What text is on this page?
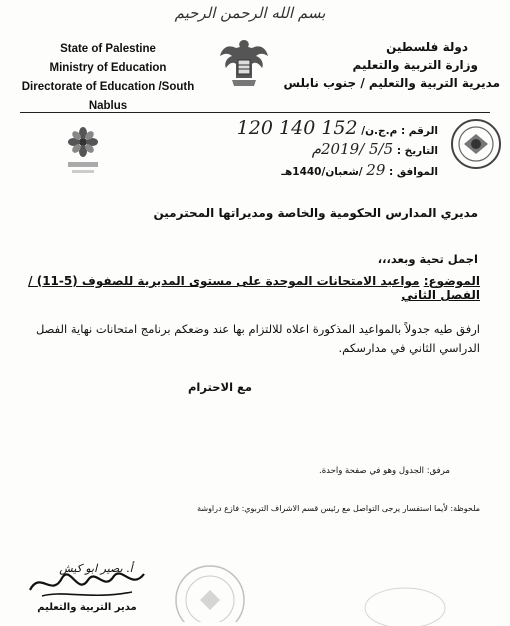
بسم الله الرحمن الرحيم
State of Palestine
Ministry of Education
Directorate of Education /South Nablus
دولة فلسطين
وزارة التربية والتعليم
مديرية التربية والتعليم / جنوب نابلس
الرقم : م.ج.ن/ 152 140 120
التاريخ : 5/5 /2019م
الموافق : 29 /شعبان/1440هـ
مديري المدارس الحكومية والخاصة ومديراتها المحترمين
اجمل تحية وبعد،،،
الموضوع: مواعيد الامتحانات الموحدة على مستوى المديرية للصفوف (5-11) / الفصل الثاني
ارفق طيه جدولاً بالمواعيد المذكورة اعلاه للالتزام بها عند وضعكم برنامج امتحانات نهاية الفصل الدراسي الثاني في مدارسكم.
مع الاحترام
مرفق: الجدول وهو في صفحة واحدة.
ملحوظة: لأيما استفسار يرجى التواصل مع رئيس قسم الاشراف التربوي: فازع دراوشة
أ. بصير ابو كيش
مدير التربية والتعليم
